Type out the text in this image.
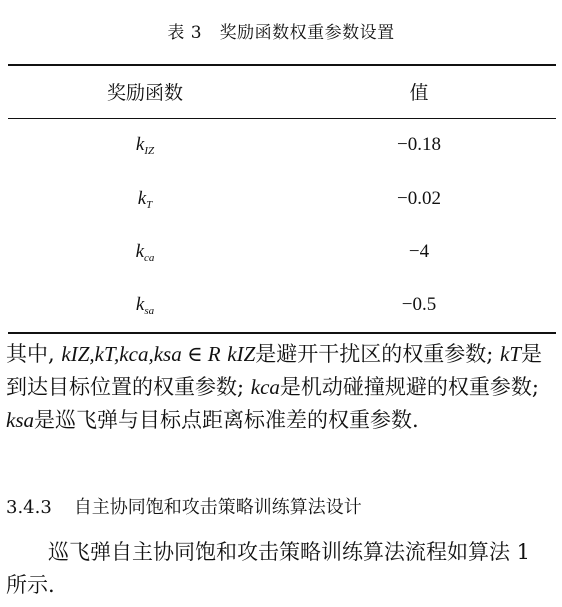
表 3　奖励函数权重参数设置
奖励函数	值
$k_{IZ}$	−0.18
$k_T$	−0.02
$k_{ca}$	−4
$k_{sa}$	−0.5
其中, kIZ,kT,kca,ksa ∈ R kIZ是避开干扰区的权重参数; kT是到达目标位置的权重参数; kca是机动碰撞规避的权重参数; ksa是巡飞弹与目标点距离标准差的权重参数.
3.4.3 自主协同饱和攻击策略训练算法设计
巡飞弹自主协同饱和攻击策略训练算法流程如算法 1 所示.
